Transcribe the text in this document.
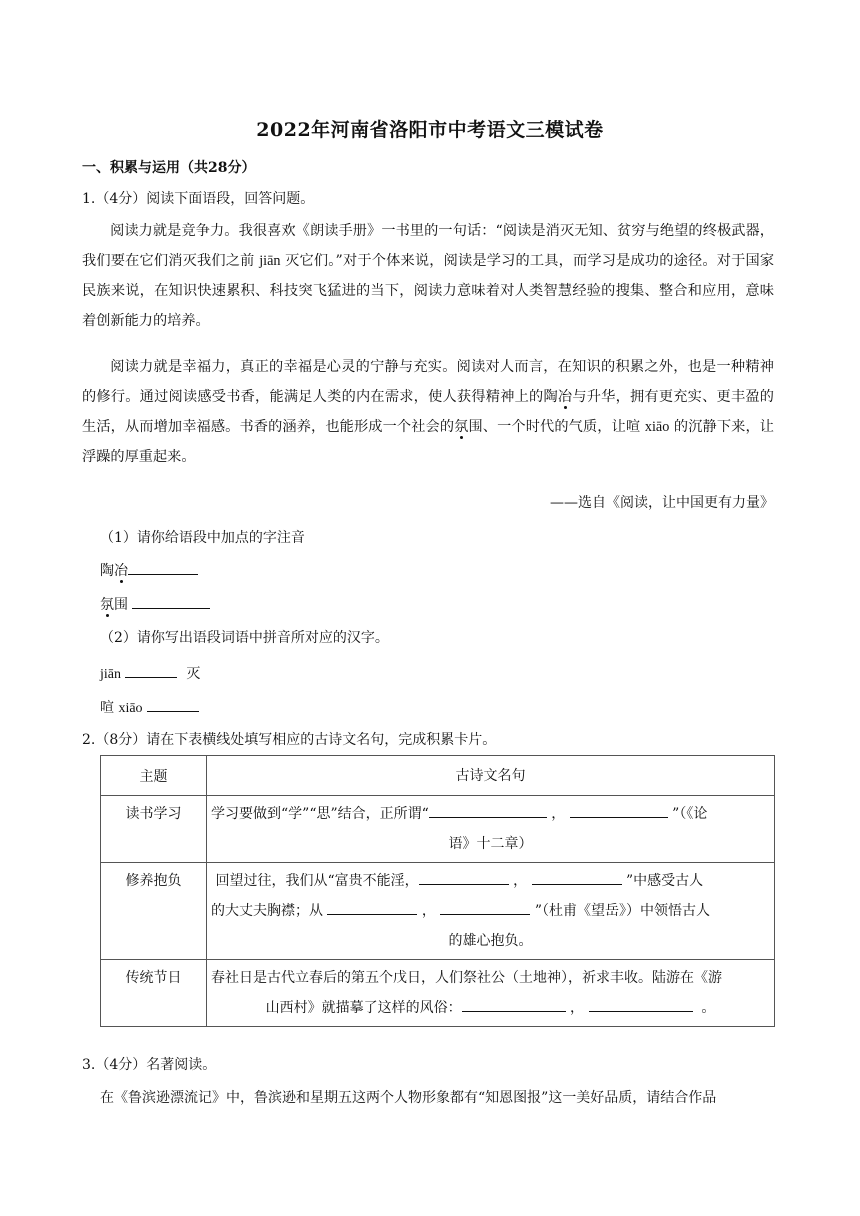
2022年河南省洛阳市中考语文三模试卷
一、积累与运用（共28分）
1.（4分）阅读下面语段，回答问题。
阅读力就是竞争力。我很喜欢《朗读手册》一书里的一句话：“阅读是消灭无知、贫穷与绝望的终极武器，我们要在它们消灭我们之前 jiān 灭它们。”对于个体来说，阅读是学习的工具，而学习是成功的途径。对于国家民族来说，在知识快速累积、科技突飞猛进的当下，阅读力意味着对人类智慧经验的搜集、整合和应用，意味着创新能力的培养。
阅读力就是幸福力，真正的幸福是心灵的宁静与充实。阅读对人而言，在知识的积累之外，也是一种精神的修行。通过阅读感受书香，能满足人类的内在需求，使人获得精神上的陶冶与升华，拥有更充实、更丰盈的生活，从而增加幸福感。书香的涵养，也能形成一个社会的氛围、一个时代的气质，让喧 xiāo 的沉静下来，让浮躁的厚重起来。
——选自《阅读，让中国更有力量》
（1）请你给语段中加点的字注音
陶冶
氛围
（2）请你写出语段词语中拼音所对应的汉字。
jiān	灭
喧 xiāo
2.（8分）请在下表横线处填写相应的古诗文名句，完成积累卡片。
主题	古诗文名句
读书学习	学习要做到“学”“思”结合，正所谓“ ， ”（《论
语》十二章）

修养抱负	回望过往，我们从“富贵不能淫， ， ”中感受古人
的大丈夫胸襟；从 ， ”（杜甫《望岳》）中领悟古人
的雄心抱负。

传统节日	春社日是古代立春后的第五个戊日，人们祭社公（土地神），祈求丰收。陆游在《游
山西村》就描摹了这样的风俗： ， 。
3.（4分）名著阅读。
在《鲁滨逊漂流记》中，鲁滨逊和星期五这两个人物形象都有“知恩图报”这一美好品质，请结合作品
